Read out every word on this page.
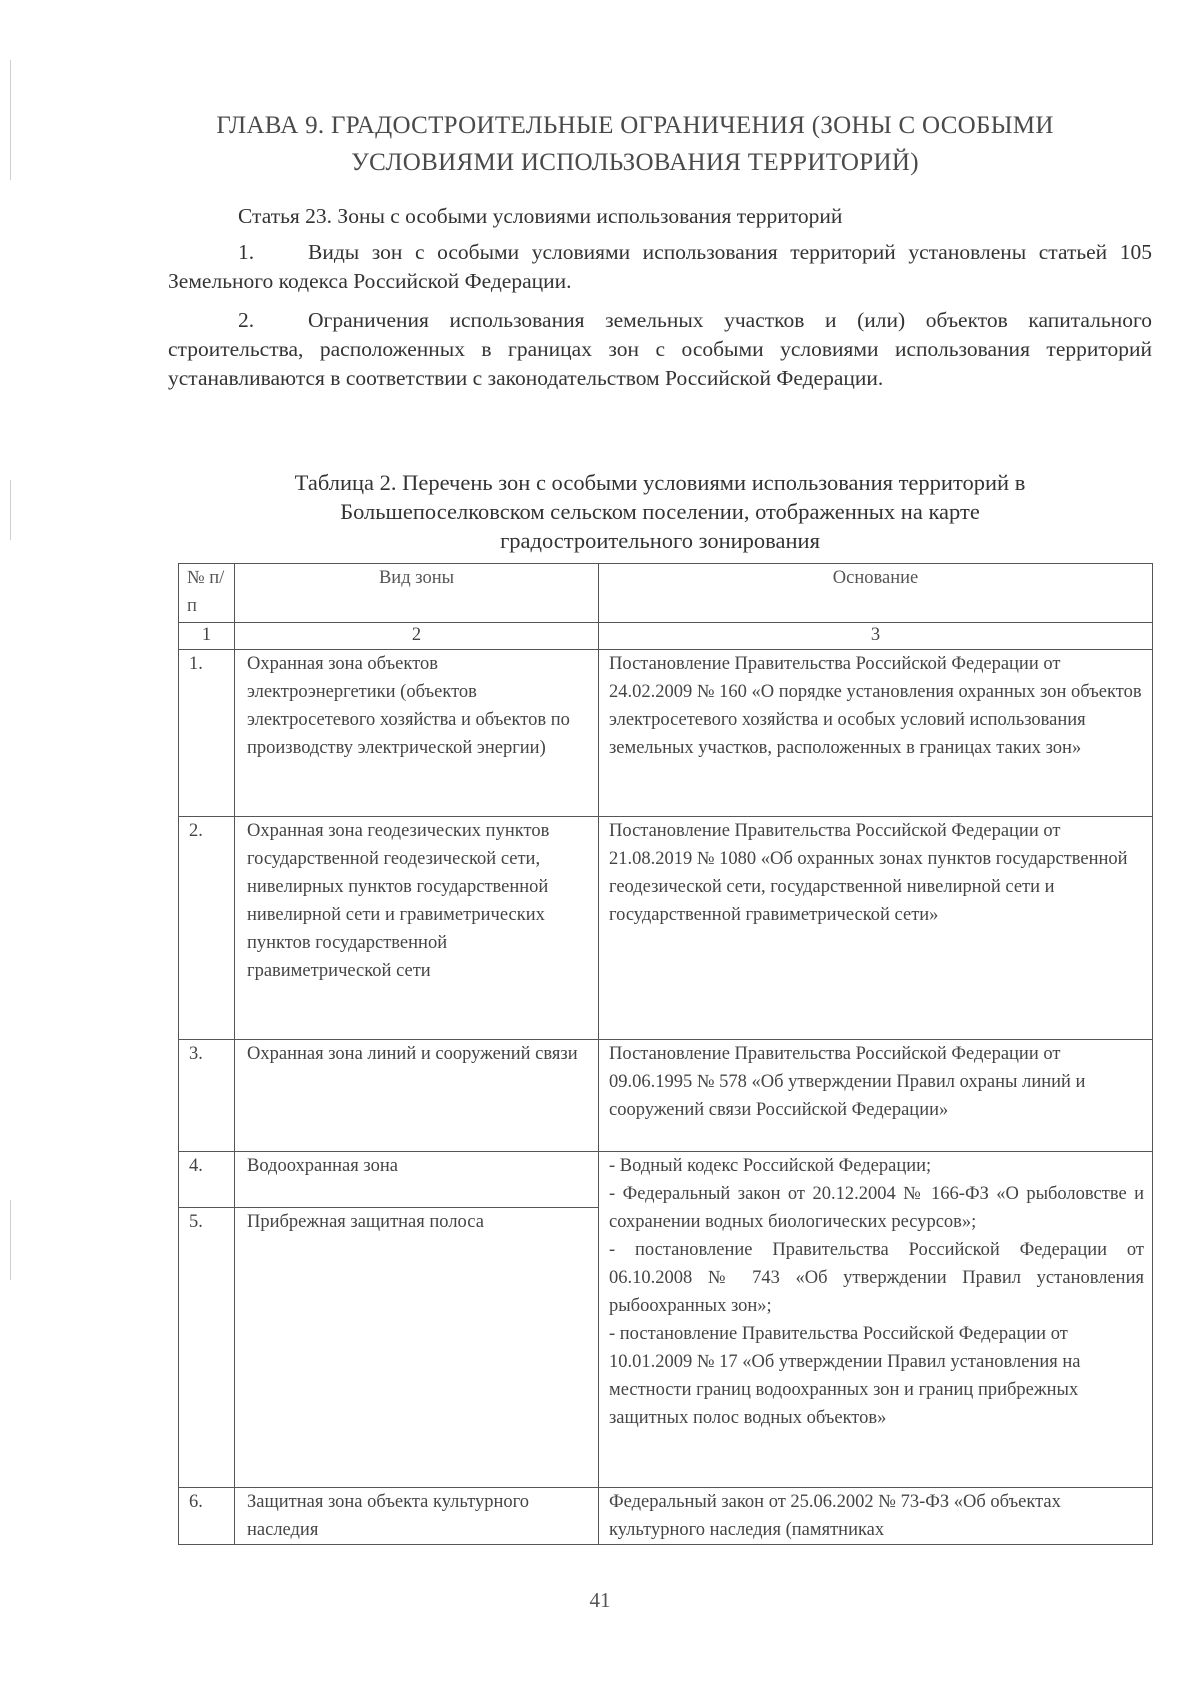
ГЛАВА 9. ГРАДОСТРОИТЕЛЬНЫЕ ОГРАНИЧЕНИЯ (ЗОНЫ С ОСОБЫМИ
УСЛОВИЯМИ ИСПОЛЬЗОВАНИЯ ТЕРРИТОРИЙ)
Статья 23. Зоны с особыми условиями использования территорий
1.	Виды зон с особыми условиями использования территорий установлены статьей 105 Земельного кодекса Российской Федерации.
2.	Ограничения использования земельных участков и (или) объектов капитального строительства, расположенных в границах зон с особыми условиями использования территорий устанавливаются в соответствии с законодательством Российской Федерации.
Таблица 2. Перечень зон с особыми условиями использования территорий в
Большепоселковском сельском поселении, отображенных на карте
градостроительного зонирования
№ п/п	Вид зоны	Основание
1	2	3
1.	Охранная зона объектов электроэнергетики (объектов электросетевого хозяйства и объектов по производству электрической энергии)	Постановление Правительства Российской Федерации от 24.02.2009 № 160 «О порядке установления охранных зон объектов электросетевого хозяйства и особых условий использования земельных участков, расположенных в границах таких зон»
2.	Охранная зона геодезических пунктов государственной геодезической сети, нивелирных пунктов государственной нивелирной сети и гравиметрических пунктов государственной гравиметрической сети	Постановление Правительства Российской Федерации от 21.08.2019 № 1080 «Об охранных зонах пунктов государственной геодезической сети, государственной нивелирной сети и государственной гравиметрической сети»
3.	Охранная зона линий и сооружений связи	Постановление Правительства Российской Федерации от 09.06.1995 № 578 «Об утверждении Правил охраны линий и сооружений связи Российской Федерации»
4.	Водоохранная зона	- Водный кодекс Российской Федерации;
- Федеральный закон от 20.12.2004 № 166-ФЗ «О рыболовстве и сохранении водных биологических ресурсов»;
- постановление Правительства Российской Федерации от 06.10.2008 № 743 «Об утверждении Правил установления рыбоохранных зон»;
- постановление Правительства Российской Федерации от 10.01.2009 № 17 «Об утверждении Правил установления на местности границ водоохранных зон и границ прибрежных защитных полос водных объектов»

5.	Прибрежная защитная полоса	
6.	Защитная зона объекта культурного наследия	Федеральный закон от 25.06.2002 № 73-ФЗ «Об объектах культурного наследия (памятниках
41
